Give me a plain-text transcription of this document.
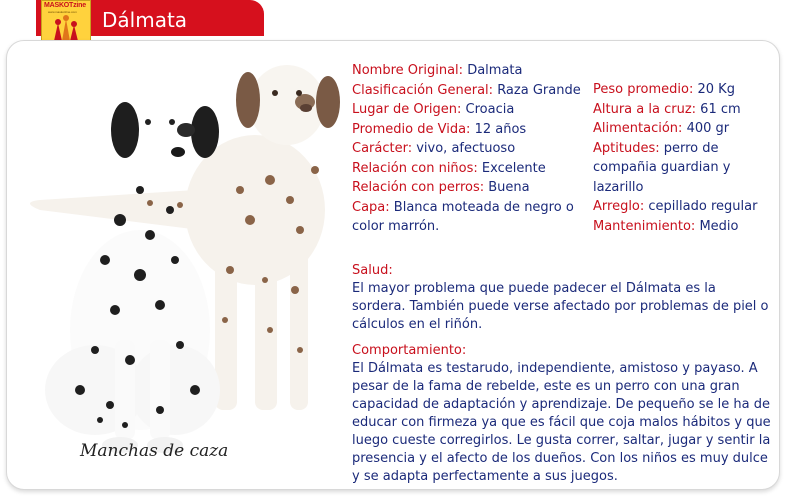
MASKOTzine
www.maskotzine.com Dálmata
Manchas de caza

Nombre Original: Dalmata

Clasificación General: Raza Grande

Lugar de Origen: Croacia

Promedio de Vida: 12 años

Carácter: vivo, afectuoso

Relación con niños: Excelente

Relación con perros: Buena

Capa: Blanca moteada de negro o color marrón.

Peso promedio: 20 Kg

Altura a la cruz: 61 cm

Alimentación: 400 gr

Aptitudes: perro de compañia guardian y lazarillo

Arreglo: cepillado regular

Mantenimiento: Medio

Salud:

El mayor problema que puede padecer el Dálmata es la sordera. También puede verse afectado por problemas de piel o cálculos en el riñón.

Comportamiento:

El Dálmata es testarudo, independiente, amistoso y payaso. A pesar de la fama de rebelde, este es un perro con una gran capacidad de adaptación y aprendizaje. De pequeño se le ha de educar con firmeza ya que es fácil que coja malos hábitos y que luego cueste corregirlos. Le gusta correr, saltar, jugar y sentir la presencia y el afecto de los dueños. Con los niños es muy dulce y se adapta perfectamente a sus juegos.
